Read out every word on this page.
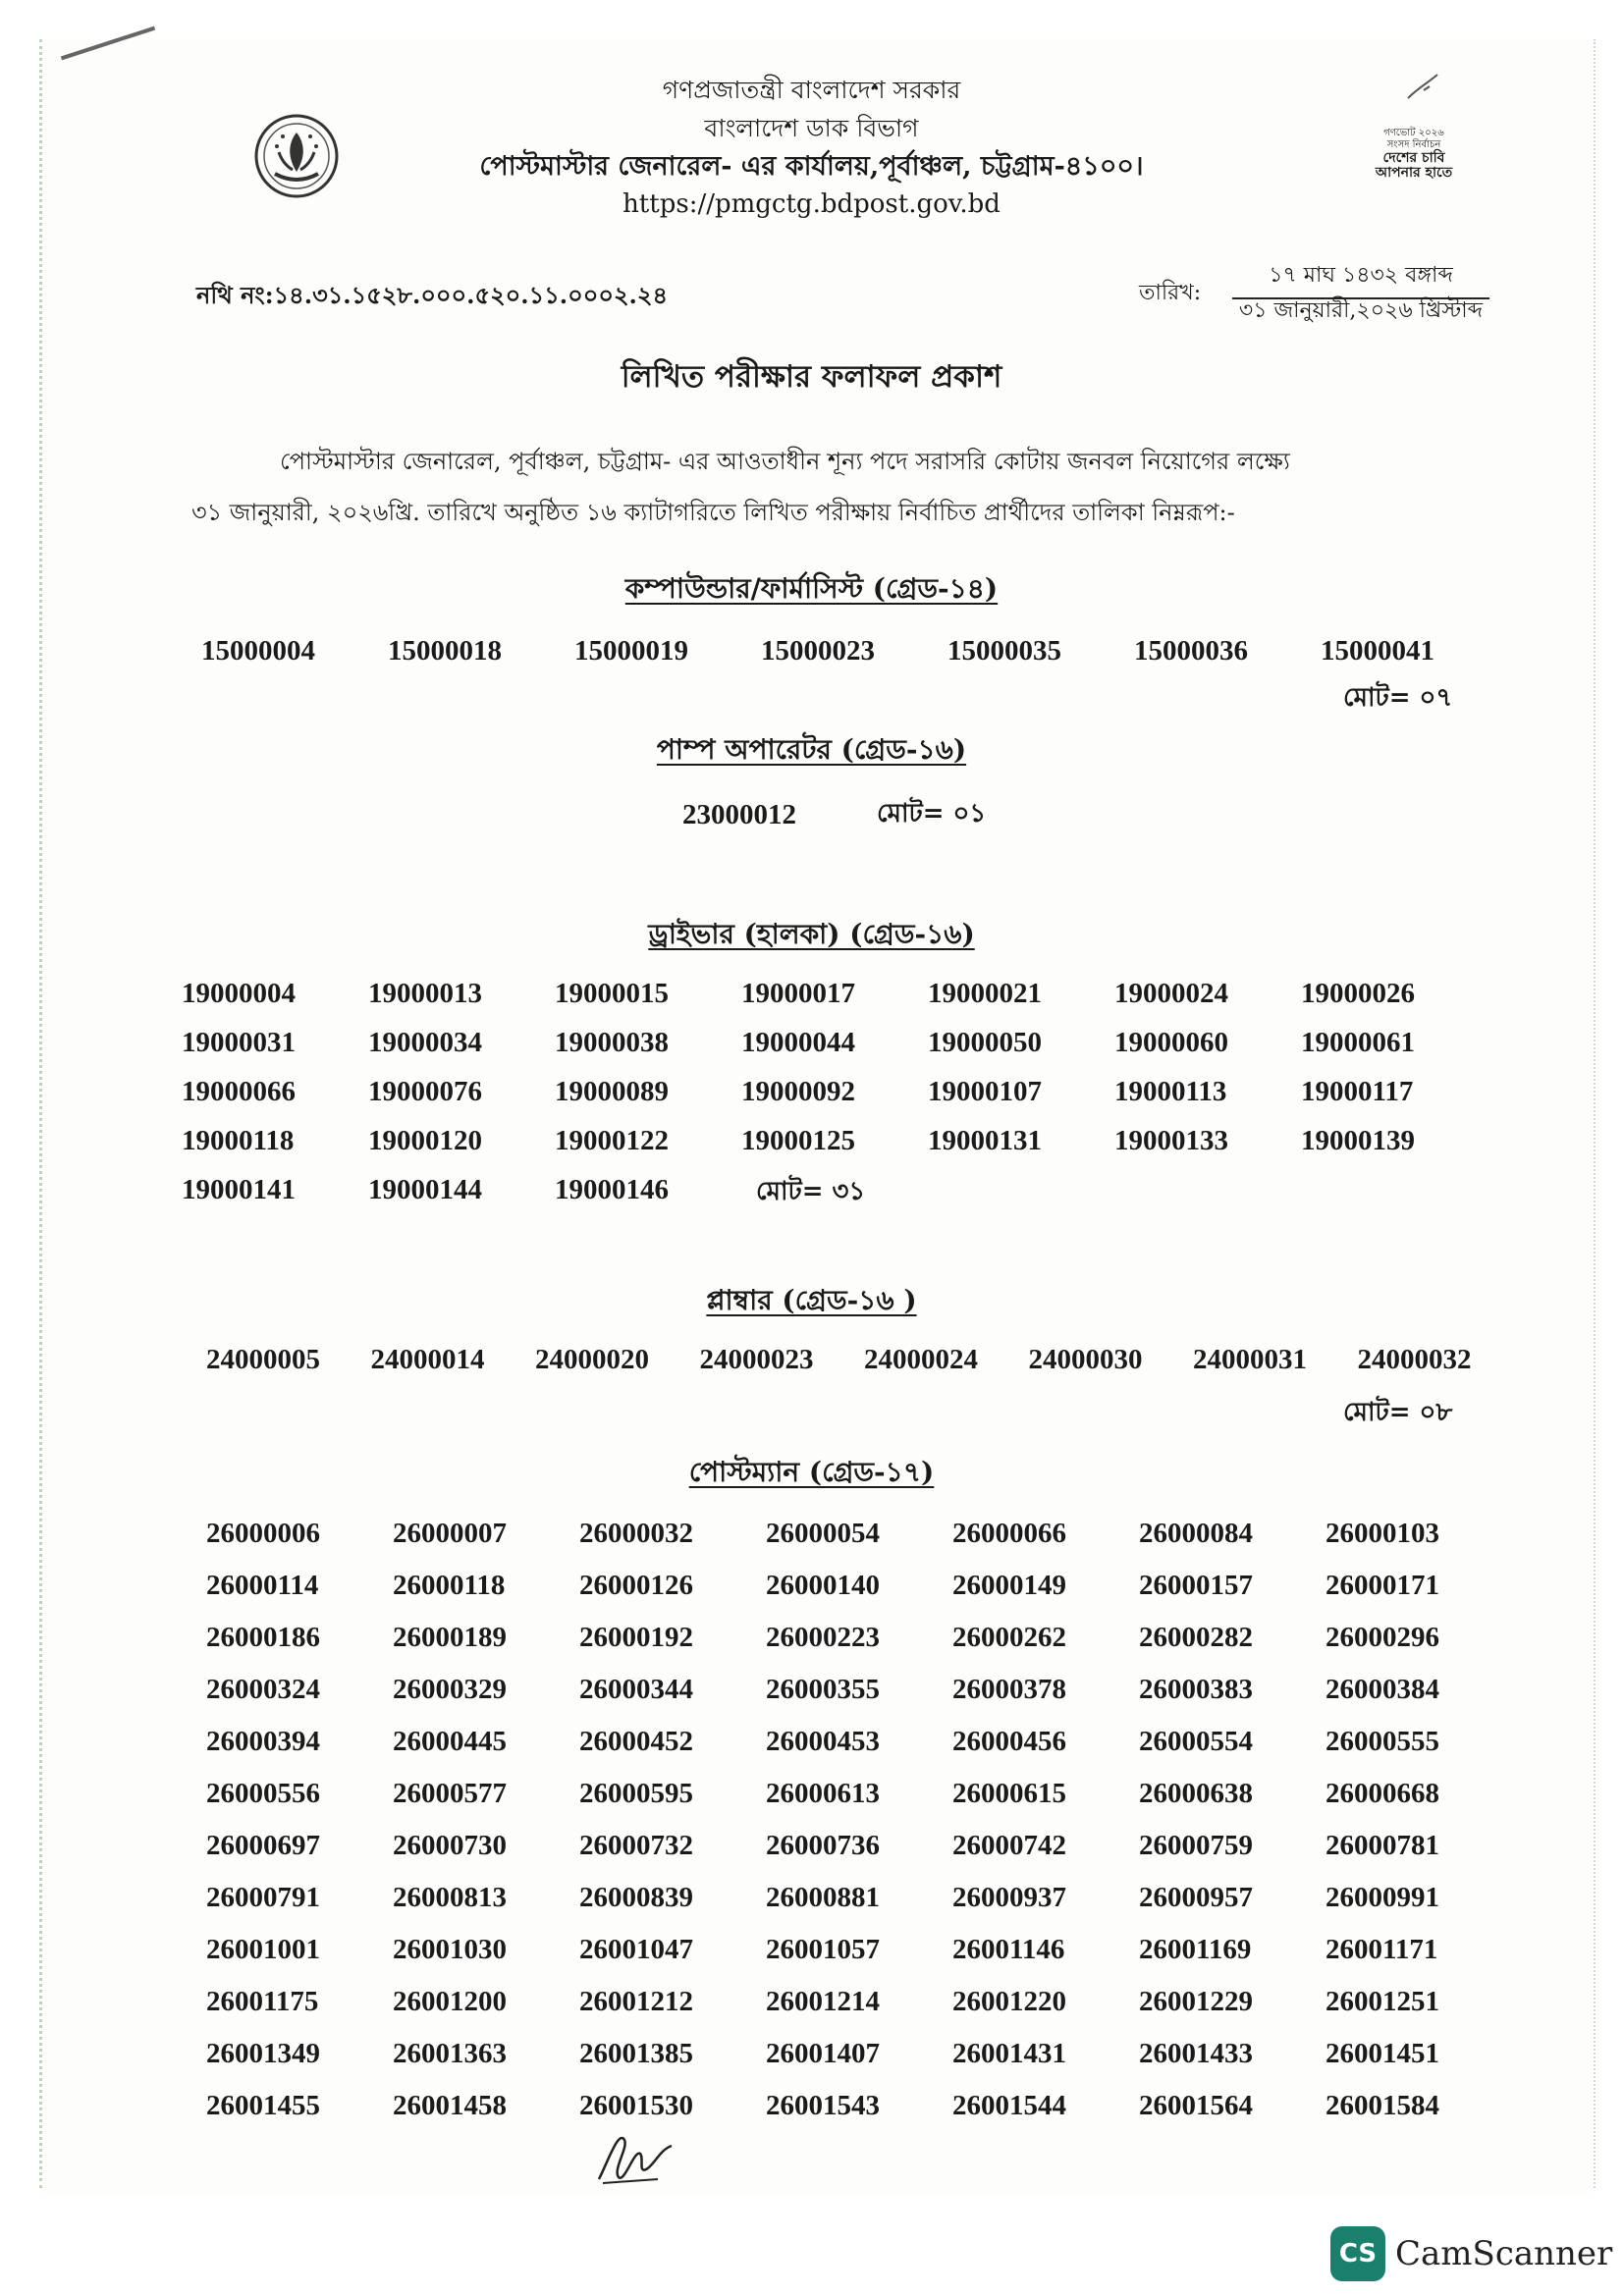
গণভোট ২০২৬
সংসদ নির্বাচন
দেশের চাবি
আপনার হাতে
গণপ্রজাতন্ত্রী বাংলাদেশ সরকার
বাংলাদেশ ডাক বিভাগ
পোস্টমাস্টার জেনারেল- এর কার্যালয়,পূর্বাঞ্চল, চট্টগ্রাম-৪১০০।
https://pmgctg.bdpost.gov.bd
নথি নং:১৪.৩১.১৫২৮.০০০.৫২০.১১.০০০২.২৪	তারিখ:
১৭ মাঘ ১৪৩২ বঙ্গাব্দ
৩১ জানুয়ারী,২০২৬ খ্রিস্টাব্দ
লিখিত পরীক্ষার ফলাফল প্রকাশ
পোস্টমাস্টার জেনারেল, পূর্বাঞ্চল, চট্টগ্রাম- এর আওতাধীন শূন্য পদে সরাসরি কোটায় জনবল নিয়োগের লক্ষ্যে
৩১ জানুয়ারী, ২০২৬খ্রি. তারিখে অনুষ্ঠিত ১৬ ক্যাটাগরিতে লিখিত পরীক্ষায় নির্বাচিত প্রার্থীদের তালিকা নিম্নরূপ:-
কম্পাউন্ডার/ফার্মাসিস্ট (গ্রেড-১৪)
15000004	15000018	15000019	15000023	15000035	15000036	15000041
মোট= ০৭
পাম্প অপারেটর (গ্রেড-১৬)
23000012	মোট= ০১
ড্রাইভার (হালকা) (গ্রেড-১৬)
19000004	19000013	19000015	19000017	19000021	19000024	19000026
19000031	19000034	19000038	19000044	19000050	19000060	19000061
19000066	19000076	19000089	19000092	19000107	19000113	19000117
19000118	19000120	19000122	19000125	19000131	19000133	19000139
19000141	19000144	19000146	মোট= ৩১
প্লাম্বার (গ্রেড-১৬ )
24000005	24000014	24000020	24000023	24000024	24000030	24000031	24000032
মোট= ০৮
পোস্টম্যান (গ্রেড-১৭)
26000006	26000007	26000032	26000054	26000066	26000084	26000103
26000114	26000118	26000126	26000140	26000149	26000157	26000171
26000186	26000189	26000192	26000223	26000262	26000282	26000296
26000324	26000329	26000344	26000355	26000378	26000383	26000384
26000394	26000445	26000452	26000453	26000456	26000554	26000555
26000556	26000577	26000595	26000613	26000615	26000638	26000668
26000697	26000730	26000732	26000736	26000742	26000759	26000781
26000791	26000813	26000839	26000881	26000937	26000957	26000991
26001001	26001030	26001047	26001057	26001146	26001169	26001171
26001175	26001200	26001212	26001214	26001220	26001229	26001251
26001349	26001363	26001385	26001407	26001431	26001433	26001451
26001455	26001458	26001530	26001543	26001544	26001564	26001584
CS CamScanner
